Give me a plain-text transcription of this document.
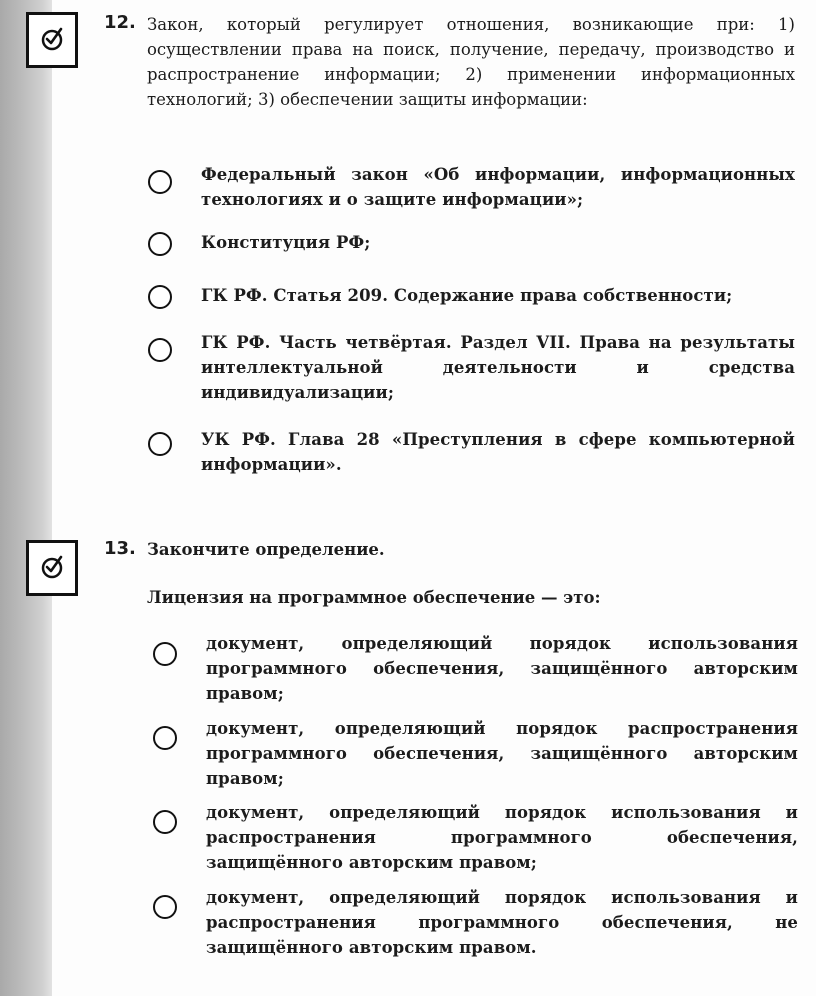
12. Закон, который регулирует отношения, возникающие при: 1) осуществлении права на поиск, получение, передачу, производство и распространение информации; 2) применении информационных технологий; 3) обеспечении защиты информации:

Федеральный закон «Об информации, информационных технологиях и о защите информации»;

Конституция РФ;

ГК РФ. Статья 209. Содержание права собственности;

ГК РФ. Часть четвёртая. Раздел VII. Права на результаты интеллектуальной деятельности и средства индивидуализации;

УК РФ. Глава 28 «Преступления в сфере компьютерной информации».

13. Закончите определение.

Лицензия на программное обеспечение — это:

документ, определяющий порядок использования программного обеспечения, защищённого авторским правом;

документ, определяющий порядок распространения программного обеспечения, защищённого авторским правом;

документ, определяющий порядок использования и распространения программного обеспечения, защищённого авторским правом;

документ, определяющий порядок использования и распространения программного обеспечения, не защищённого авторским правом.
